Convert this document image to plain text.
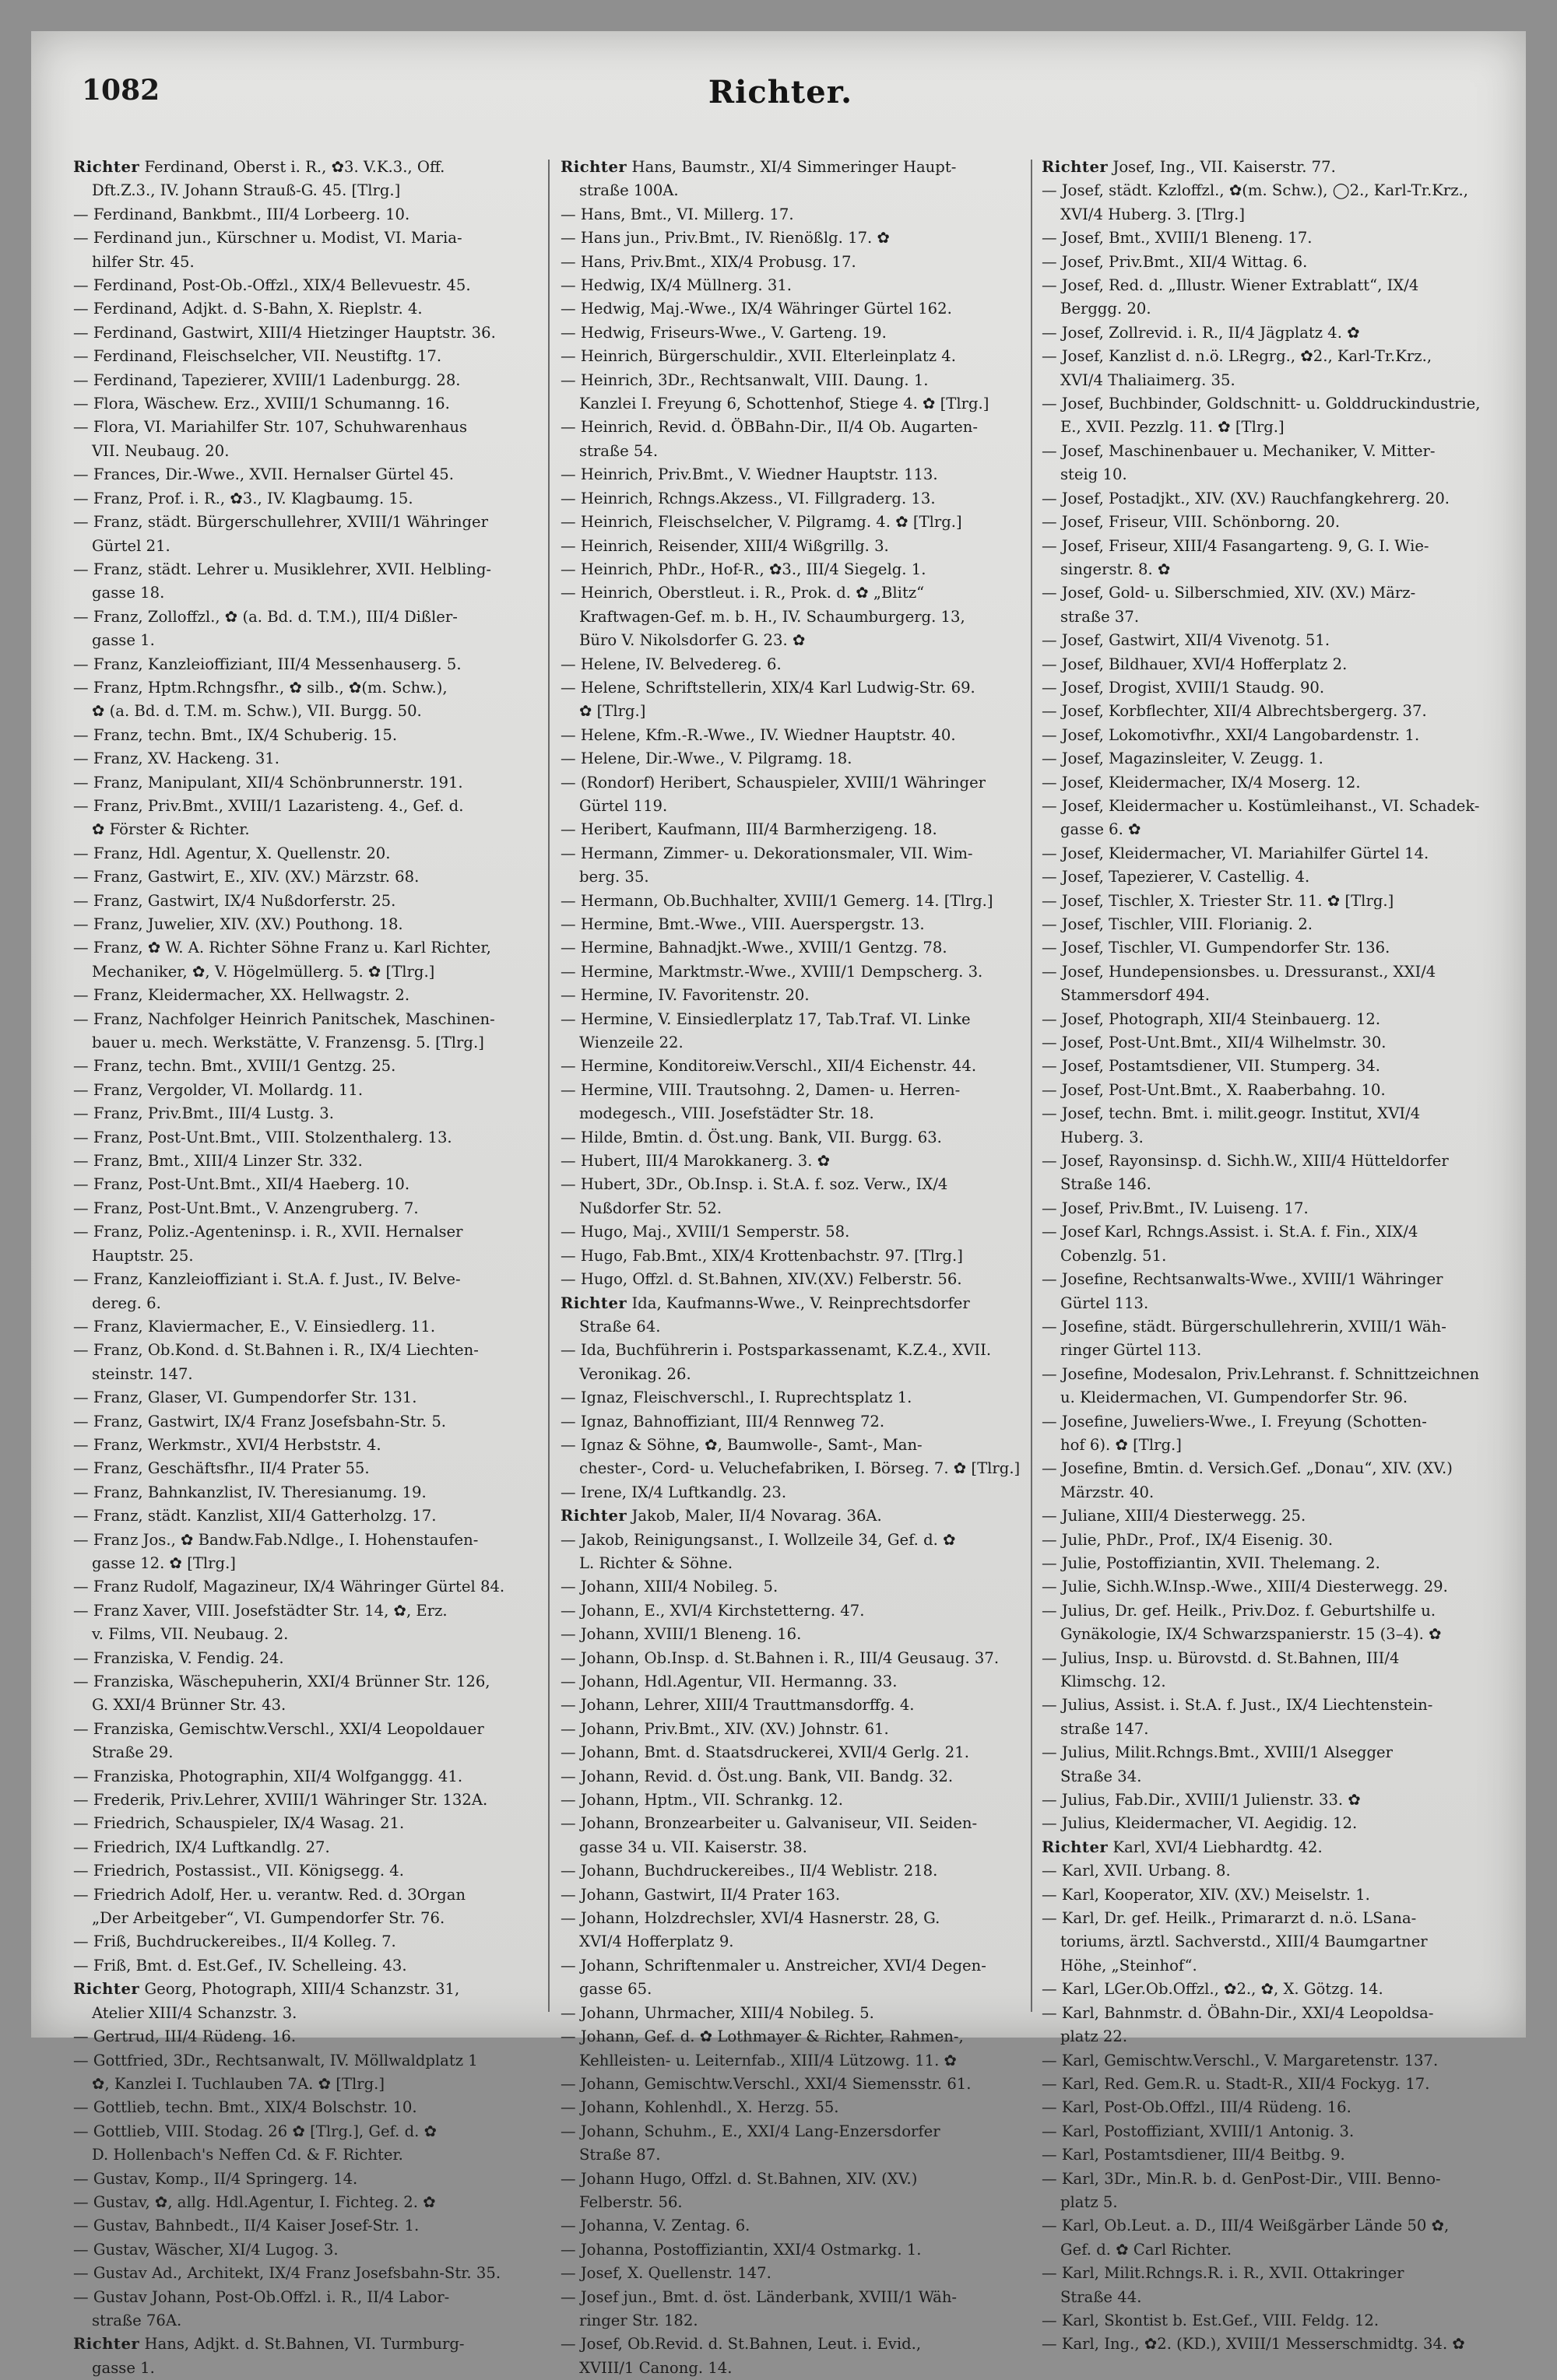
1082	Richter.
Richter Ferdinand, Oberst i. R., ✿3. V.K.3., Off.
Dft.Z.3., IV. Johann Strauß-G. 45. [Tlrg.]
— Ferdinand, Bankbmt., III/4 Lorbeerg. 10.
— Ferdinand jun., Kürschner u. Modist, VI. Maria-
hilfer Str. 45.
— Ferdinand, Post-Ob.-Offzl., XIX/4 Bellevuestr. 45.
— Ferdinand, Adjkt. d. S-Bahn, X. Rieplstr. 4.
— Ferdinand, Gastwirt, XIII/4 Hietzinger Hauptstr. 36.
— Ferdinand, Fleischselcher, VII. Neustiftg. 17.
— Ferdinand, Tapezierer, XVIII/1 Ladenburgg. 28.
— Flora, Wäschew. Erz., XVIII/1 Schumanng. 16.
— Flora, VI. Mariahilfer Str. 107, Schuhwarenhaus
VII. Neubaug. 20.
— Frances, Dir.-Wwe., XVII. Hernalser Gürtel 45.
— Franz, Prof. i. R., ✿3., IV. Klagbaumg. 15.
— Franz, städt. Bürgerschullehrer, XVIII/1 Währinger
Gürtel 21.
— Franz, städt. Lehrer u. Musiklehrer, XVII. Helbling-
gasse 18.
— Franz, Zolloffzl., ✿ (a. Bd. d. T.M.), III/4 Dißler-
gasse 1.
— Franz, Kanzleioffiziant, III/4 Messenhauserg. 5.
— Franz, Hptm.Rchngsfhr., ✿ silb., ✿(m. Schw.),
✿ (a. Bd. d. T.M. m. Schw.), VII. Burgg. 50.
— Franz, techn. Bmt., IX/4 Schuberig. 15.
— Franz, XV. Hackeng. 31.
— Franz, Manipulant, XII/4 Schönbrunnerstr. 191.
— Franz, Priv.Bmt., XVIII/1 Lazaristeng. 4., Gef. d.
✿ Förster & Richter.
— Franz, Hdl. Agentur, X. Quellenstr. 20.
— Franz, Gastwirt, E., XIV. (XV.) Märzstr. 68.
— Franz, Gastwirt, IX/4 Nußdorferstr. 25.
— Franz, Juwelier, XIV. (XV.) Pouthong. 18.
— Franz, ✿ W. A. Richter Söhne Franz u. Karl Richter,
Mechaniker, ✿, V. Högelmüllerg. 5. ✿ [Tlrg.]
— Franz, Kleidermacher, XX. Hellwagstr. 2.
— Franz, Nachfolger Heinrich Panitschek, Maschinen-
bauer u. mech. Werkstätte, V. Franzensg. 5. [Tlrg.]
— Franz, techn. Bmt., XVIII/1 Gentzg. 25.
— Franz, Vergolder, VI. Mollardg. 11.
— Franz, Priv.Bmt., III/4 Lustg. 3.
— Franz, Post-Unt.Bmt., VIII. Stolzenthalerg. 13.
— Franz, Bmt., XIII/4 Linzer Str. 332.
— Franz, Post-Unt.Bmt., XII/4 Haeberg. 10.
— Franz, Post-Unt.Bmt., V. Anzengruberg. 7.
— Franz, Poliz.-Agenteninsp. i. R., XVII. Hernalser
Hauptstr. 25.
— Franz, Kanzleioffiziant i. St.A. f. Just., IV. Belve-
dereg. 6.
— Franz, Klaviermacher, E., V. Einsiedlerg. 11.
— Franz, Ob.Kond. d. St.Bahnen i. R., IX/4 Liechten-
steinstr. 147.
— Franz, Glaser, VI. Gumpendorfer Str. 131.
— Franz, Gastwirt, IX/4 Franz Josefsbahn-Str. 5.
— Franz, Werkmstr., XVI/4 Herbststr. 4.
— Franz, Geschäftsfhr., II/4 Prater 55.
— Franz, Bahnkanzlist, IV. Theresianumg. 19.
— Franz, städt. Kanzlist, XII/4 Gatterholzg. 17.
— Franz Jos., ✿ Bandw.Fab.Ndlge., I. Hohenstaufen-
gasse 12. ✿ [Tlrg.]
— Franz Rudolf, Magazineur, IX/4 Währinger Gürtel 84.
— Franz Xaver, VIII. Josefstädter Str. 14, ✿, Erz.
v. Films, VII. Neubaug. 2.
— Franziska, V. Fendig. 24.
— Franziska, Wäschepuherin, XXI/4 Brünner Str. 126,
G. XXI/4 Brünner Str. 43.
— Franziska, Gemischtw.Verschl., XXI/4 Leopoldauer
Straße 29.
— Franziska, Photographin, XII/4 Wolfganggg. 41.
— Frederik, Priv.Lehrer, XVIII/1 Währinger Str. 132A.
— Friedrich, Schauspieler, IX/4 Wasag. 21.
— Friedrich, IX/4 Luftkandlg. 27.
— Friedrich, Postassist., VII. Königsegg. 4.
— Friedrich Adolf, Her. u. verantw. Red. d. 3Organ
„Der Arbeitgeber“, VI. Gumpendorfer Str. 76.
— Friß, Buchdruckereibes., II/4 Kolleg. 7.
— Friß, Bmt. d. Est.Gef., IV. Schelleing. 43.
Richter Georg, Photograph, XIII/4 Schanzstr. 31,
Atelier XIII/4 Schanzstr. 3.
— Gertrud, III/4 Rüdeng. 16.
— Gottfried, 3Dr., Rechtsanwalt, IV. Möllwaldplatz 1
✿, Kanzlei I. Tuchlauben 7A. ✿ [Tlrg.]
— Gottlieb, techn. Bmt., XIX/4 Bolschstr. 10.
— Gottlieb, VIII. Stodag. 26 ✿ [Tlrg.], Gef. d. ✿
D. Hollenbach's Neffen Cd. & F. Richter.
— Gustav, Komp., II/4 Springerg. 14.
— Gustav, ✿, allg. Hdl.Agentur, I. Fichteg. 2. ✿
— Gustav, Bahnbedt., II/4 Kaiser Josef-Str. 1.
— Gustav, Wäscher, XI/4 Lugog. 3.
— Gustav Ad., Architekt, IX/4 Franz Josefsbahn-Str. 35.
— Gustav Johann, Post-Ob.Offzl. i. R., II/4 Labor-
straße 76A.
Richter Hans, Adjkt. d. St.Bahnen, VI. Turmburg-
gasse 1.
Richter Hans, Baumstr., XI/4 Simmeringer Haupt-
straße 100A.
— Hans, Bmt., VI. Millerg. 17.
— Hans jun., Priv.Bmt., IV. Rienößlg. 17. ✿
— Hans, Priv.Bmt., XIX/4 Probusg. 17.
— Hedwig, IX/4 Müllnerg. 31.
— Hedwig, Maj.-Wwe., IX/4 Währinger Gürtel 162.
— Hedwig, Friseurs-Wwe., V. Garteng. 19.
— Heinrich, Bürgerschuldir., XVII. Elterleinplatz 4.
— Heinrich, 3Dr., Rechtsanwalt, VIII. Daung. 1.
Kanzlei I. Freyung 6, Schottenhof, Stiege 4. ✿ [Tlrg.]
— Heinrich, Revid. d. ÖBBahn-Dir., II/4 Ob. Augarten-
straße 54.
— Heinrich, Priv.Bmt., V. Wiedner Hauptstr. 113.
— Heinrich, Rchngs.Akzess., VI. Fillgraderg. 13.
— Heinrich, Fleischselcher, V. Pilgramg. 4. ✿ [Tlrg.]
— Heinrich, Reisender, XIII/4 Wißgrillg. 3.
— Heinrich, PhDr., Hof-R., ✿3., III/4 Siegelg. 1.
— Heinrich, Oberstleut. i. R., Prok. d. ✿ „Blitz“
Kraftwagen-Gef. m. b. H., IV. Schaumburgerg. 13,
Büro V. Nikolsdorfer G. 23. ✿
— Helene, IV. Belvedereg. 6.
— Helene, Schriftstellerin, XIX/4 Karl Ludwig-Str. 69.
✿ [Tlrg.]
— Helene, Kfm.-R.-Wwe., IV. Wiedner Hauptstr. 40.
— Helene, Dir.-Wwe., V. Pilgramg. 18.
— (Rondorf) Heribert, Schauspieler, XVIII/1 Währinger
Gürtel 119.
— Heribert, Kaufmann, III/4 Barmherzigeng. 18.
— Hermann, Zimmer- u. Dekorationsmaler, VII. Wim-
berg. 35.
— Hermann, Ob.Buchhalter, XVIII/1 Gemerg. 14. [Tlrg.]
— Hermine, Bmt.-Wwe., VIII. Auerspergstr. 13.
— Hermine, Bahnadjkt.-Wwe., XVIII/1 Gentzg. 78.
— Hermine, Marktmstr.-Wwe., XVIII/1 Dempscherg. 3.
— Hermine, IV. Favoritenstr. 20.
— Hermine, V. Einsiedlerplatz 17, Tab.Traf. VI. Linke
Wienzeile 22.
— Hermine, Konditoreiw.Verschl., XII/4 Eichenstr. 44.
— Hermine, VIII. Trautsohng. 2, Damen- u. Herren-
modegesch., VIII. Josefstädter Str. 18.
— Hilde, Bmtin. d. Öst.ung. Bank, VII. Burgg. 63.
— Hubert, III/4 Marokkanerg. 3. ✿
— Hubert, 3Dr., Ob.Insp. i. St.A. f. soz. Verw., IX/4
Nußdorfer Str. 52.
— Hugo, Maj., XVIII/1 Semperstr. 58.
— Hugo, Fab.Bmt., XIX/4 Krottenbachstr. 97. [Tlrg.]
— Hugo, Offzl. d. St.Bahnen, XIV.(XV.) Felberstr. 56.
Richter Ida, Kaufmanns-Wwe., V. Reinprechtsdorfer
Straße 64.
— Ida, Buchführerin i. Postsparkassenamt, K.Z.4., XVII.
Veronikag. 26.
— Ignaz, Fleischverschl., I. Ruprechtsplatz 1.
— Ignaz, Bahnoffiziant, III/4 Rennweg 72.
— Ignaz & Söhne, ✿, Baumwolle-, Samt-, Man-
chester-, Cord- u. Veluchefabriken, I. Börseg. 7. ✿ [Tlrg.]
— Irene, IX/4 Luftkandlg. 23.
Richter Jakob, Maler, II/4 Novarag. 36A.
— Jakob, Reinigungsanst., I. Wollzeile 34, Gef. d. ✿
L. Richter & Söhne.
— Johann, XIII/4 Nobileg. 5.
— Johann, E., XVI/4 Kirchstetterng. 47.
— Johann, XVIII/1 Bleneng. 16.
— Johann, Ob.Insp. d. St.Bahnen i. R., III/4 Geusaug. 37.
— Johann, Hdl.Agentur, VII. Hermanng. 33.
— Johann, Lehrer, XIII/4 Trauttmansdorffg. 4.
— Johann, Priv.Bmt., XIV. (XV.) Johnstr. 61.
— Johann, Bmt. d. Staatsdruckerei, XVII/4 Gerlg. 21.
— Johann, Revid. d. Öst.ung. Bank, VII. Bandg. 32.
— Johann, Hptm., VII. Schrankg. 12.
— Johann, Bronzearbeiter u. Galvaniseur, VII. Seiden-
gasse 34 u. VII. Kaiserstr. 38.
— Johann, Buchdruckereibes., II/4 Weblistr. 218.
— Johann, Gastwirt, II/4 Prater 163.
— Johann, Holzdrechsler, XVI/4 Hasnerstr. 28, G.
XVI/4 Hofferplatz 9.
— Johann, Schriftenmaler u. Anstreicher, XVI/4 Degen-
gasse 65.
— Johann, Uhrmacher, XIII/4 Nobileg. 5.
— Johann, Gef. d. ✿ Lothmayer & Richter, Rahmen-,
Kehlleisten- u. Leiternfab., XIII/4 Lützowg. 11. ✿
— Johann, Gemischtw.Verschl., XXI/4 Siemensstr. 61.
— Johann, Kohlenhdl., X. Herzg. 55.
— Johann, Schuhm., E., XXI/4 Lang-Enzersdorfer
Straße 87.
— Johann Hugo, Offzl. d. St.Bahnen, XIV. (XV.)
Felberstr. 56.
— Johanna, V. Zentag. 6.
— Johanna, Postoffiziantin, XXI/4 Ostmarkg. 1.
— Josef, X. Quellenstr. 147.
— Josef jun., Bmt. d. öst. Länderbank, XVIII/1 Wäh-
ringer Str. 182.
— Josef, Ob.Revid. d. St.Bahnen, Leut. i. Evid.,
XVIII/1 Canong. 14.
Richter Josef, Ing., VII. Kaiserstr. 77.
— Josef, städt. Kzloffzl., ✿(m. Schw.), ◯2., Karl-Tr.Krz.,
XVI/4 Huberg. 3. [Tlrg.]
— Josef, Bmt., XVIII/1 Bleneng. 17.
— Josef, Priv.Bmt., XII/4 Wittag. 6.
— Josef, Red. d. „Illustr. Wiener Extrablatt“, IX/4
Berggg. 20.
— Josef, Zollrevid. i. R., II/4 Jägplatz 4. ✿
— Josef, Kanzlist d. n.ö. LRegrg., ✿2., Karl-Tr.Krz.,
XVI/4 Thaliaimerg. 35.
— Josef, Buchbinder, Goldschnitt- u. Golddruckindustrie,
E., XVII. Pezzlg. 11. ✿ [Tlrg.]
— Josef, Maschinenbauer u. Mechaniker, V. Mitter-
steig 10.
— Josef, Postadjkt., XIV. (XV.) Rauchfangkehrerg. 20.
— Josef, Friseur, VIII. Schönborng. 20.
— Josef, Friseur, XIII/4 Fasangarteng. 9, G. I. Wie-
singerstr. 8. ✿
— Josef, Gold- u. Silberschmied, XIV. (XV.) März-
straße 37.
— Josef, Gastwirt, XII/4 Vivenotg. 51.
— Josef, Bildhauer, XVI/4 Hofferplatz 2.
— Josef, Drogist, XVIII/1 Staudg. 90.
— Josef, Korbflechter, XII/4 Albrechtsbergerg. 37.
— Josef, Lokomotivfhr., XXI/4 Langobardenstr. 1.
— Josef, Magazinsleiter, V. Zeugg. 1.
— Josef, Kleidermacher, IX/4 Moserg. 12.
— Josef, Kleidermacher u. Kostümleihanst., VI. Schadek-
gasse 6. ✿
— Josef, Kleidermacher, VI. Mariahilfer Gürtel 14.
— Josef, Tapezierer, V. Castellig. 4.
— Josef, Tischler, X. Triester Str. 11. ✿ [Tlrg.]
— Josef, Tischler, VIII. Florianig. 2.
— Josef, Tischler, VI. Gumpendorfer Str. 136.
— Josef, Hundepensionsbes. u. Dressuranst., XXI/4
Stammersdorf 494.
— Josef, Photograph, XII/4 Steinbauerg. 12.
— Josef, Post-Unt.Bmt., XII/4 Wilhelmstr. 30.
— Josef, Postamtsdiener, VII. Stumperg. 34.
— Josef, Post-Unt.Bmt., X. Raaberbahng. 10.
— Josef, techn. Bmt. i. milit.geogr. Institut, XVI/4
Huberg. 3.
— Josef, Rayonsinsp. d. Sichh.W., XIII/4 Hütteldorfer
Straße 146.
— Josef, Priv.Bmt., IV. Luiseng. 17.
— Josef Karl, Rchngs.Assist. i. St.A. f. Fin., XIX/4
Cobenzlg. 51.
— Josefine, Rechtsanwalts-Wwe., XVIII/1 Währinger
Gürtel 113.
— Josefine, städt. Bürgerschullehrerin, XVIII/1 Wäh-
ringer Gürtel 113.
— Josefine, Modesalon, Priv.Lehranst. f. Schnittzeichnen
u. Kleidermachen, VI. Gumpendorfer Str. 96.
— Josefine, Juweliers-Wwe., I. Freyung (Schotten-
hof 6). ✿ [Tlrg.]
— Josefine, Bmtin. d. Versich.Gef. „Donau“, XIV. (XV.)
Märzstr. 40.
— Juliane, XIII/4 Diesterwegg. 25.
— Julie, PhDr., Prof., IX/4 Eisenig. 30.
— Julie, Postoffiziantin, XVII. Thelemang. 2.
— Julie, Sichh.W.Insp.-Wwe., XIII/4 Diesterwegg. 29.
— Julius, Dr. gef. Heilk., Priv.Doz. f. Geburtshilfe u.
Gynäkologie, IX/4 Schwarzspanierstr. 15 (3–4). ✿
— Julius, Insp. u. Bürovstd. d. St.Bahnen, III/4
Klimschg. 12.
— Julius, Assist. i. St.A. f. Just., IX/4 Liechtenstein-
straße 147.
— Julius, Milit.Rchngs.Bmt., XVIII/1 Alsegger
Straße 34.
— Julius, Fab.Dir., XVIII/1 Julienstr. 33. ✿
— Julius, Kleidermacher, VI. Aegidig. 12.
Richter Karl, XVI/4 Liebhardtg. 42.
— Karl, XVII. Urbang. 8.
— Karl, Kooperator, XIV. (XV.) Meiselstr. 1.
— Karl, Dr. gef. Heilk., Primararzt d. n.ö. LSana-
toriums, ärztl. Sachverstd., XIII/4 Baumgartner
Höhe, „Steinhof“.
— Karl, LGer.Ob.Offzl., ✿2., ✿, X. Götzg. 14.
— Karl, Bahnmstr. d. ÖBahn-Dir., XXI/4 Leopoldsa-
platz 22.
— Karl, Gemischtw.Verschl., V. Margaretenstr. 137.
— Karl, Red. Gem.R. u. Stadt-R., XII/4 Fockyg. 17.
— Karl, Post-Ob.Offzl., III/4 Rüdeng. 16.
— Karl, Postoffiziant, XVIII/1 Antonig. 3.
— Karl, Postamtsdiener, III/4 Beitbg. 9.
— Karl, 3Dr., Min.R. b. d. GenPost-Dir., VIII. Benno-
platz 5.
— Karl, Ob.Leut. a. D., III/4 Weißgärber Lände 50 ✿,
Gef. d. ✿ Carl Richter.
— Karl, Milit.Rchngs.R. i. R., XVII. Ottakringer
Straße 44.
— Karl, Skontist b. Est.Gef., VIII. Feldg. 12.
— Karl, Ing., ✿2. (KD.), XVIII/1 Messerschmidtg. 34. ✿
